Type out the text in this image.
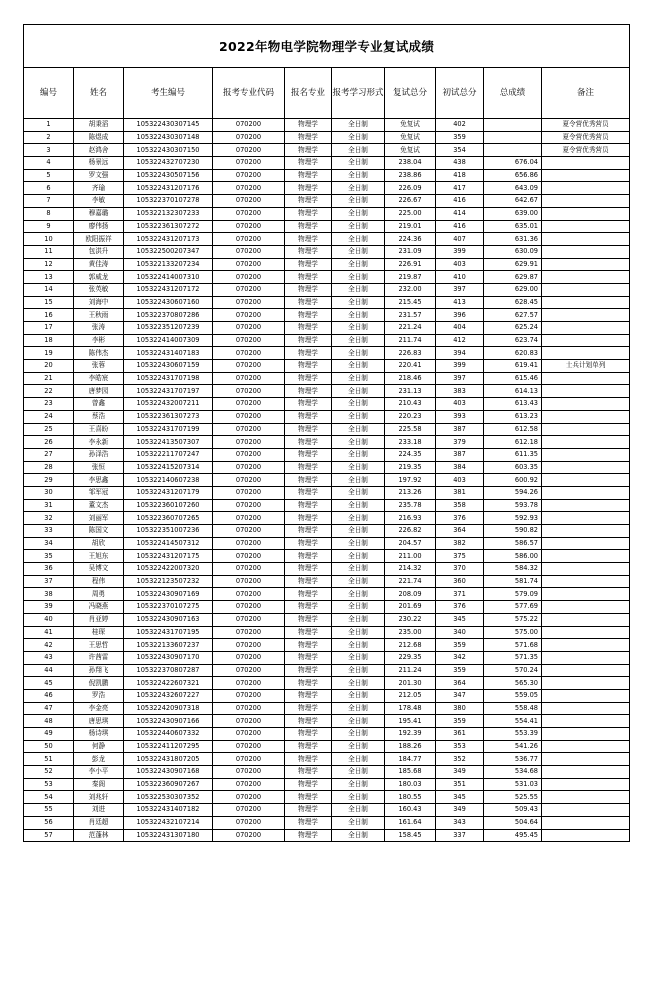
2022年物电学院物理学专业复试成绩									
编号	姓名	考生编号	报考专业代码	报名专业	报考学习形式	复试总分	初试总分	总成绩	备注
1	胡秉滔	105322430307145	070200	物理学	全日制	免复试	402		夏令营优秀营员
2	陈煜成	105322430307148	070200	物理学	全日制	免复试	359		夏令营优秀营员
3	赵鸿舍	105322430307150	070200	物理学	全日制	免复试	354		夏令营优秀营员
4	杨景远	105322432707230	070200	物理学	全日制	238.04	438	676.04	
5	罗文强	105322430507156	070200	物理学	全日制	238.86	418	656.86	
6	齐瑜	105322431207176	070200	物理学	全日制	226.09	417	643.09	
7	李敏	105322370107278	070200	物理学	全日制	226.67	416	642.67	
8	穆嘉璐	105322132307233	070200	物理学	全日制	225.00	414	639.00	
9	廖伟扬	105322361307272	070200	物理学	全日制	219.01	416	635.01	
10	欧阳振祥	105322431207173	070200	物理学	全日制	224.36	407	631.36	
11	包洪升	105322500207347	070200	物理学	全日制	231.09	399	630.09	
12	黄佳涛	105322133207234	070200	物理学	全日制	226.91	403	629.91	
13	郭威龙	105322414007310	070200	物理学	全日制	219.87	410	629.87	
14	张英敏	105322431207172	070200	物理学	全日制	232.00	397	629.00	
15	刘海中	105322430607160	070200	物理学	全日制	215.45	413	628.45	
16	王秋雨	105322370807286	070200	物理学	全日制	231.57	396	627.57	
17	张涛	105322351207239	070200	物理学	全日制	221.24	404	625.24	
18	李彬	105322414007309	070200	物理学	全日制	211.74	412	623.74	
19	陈伟杰	105322431407183	070200	物理学	全日制	226.83	394	620.83	
20	张蓉	105322430607159	070200	物理学	全日制	220.41	399	619.41	士兵计划单列
21	李皓宸	105322431707198	070200	物理学	全日制	218.46	397	615.46	
22	唐梦园	105322431707197	070200	物理学	全日制	231.13	383	614.13	
23	曾鑫	105322432007211	070200	物理学	全日制	210.43	403	613.43	
24	蔡浩	105322361307273	070200	物理学	全日制	220.23	393	613.23	
25	王喜盼	105322431707199	070200	物理学	全日制	225.58	387	612.58	
26	李永新	105322413507307	070200	物理学	全日制	233.18	379	612.18	
27	孙泽浩	105322211707247	070200	物理学	全日制	224.35	387	611.35	
28	张恒	105322415207314	070200	物理学	全日制	219.35	384	603.35	
29	李思鑫	105322140607238	070200	物理学	全日制	197.92	403	600.92	
30	邹军冠	105322431207179	070200	物理学	全日制	213.26	381	594.26	
31	董文杰	105322360107260	070200	物理学	全日制	235.78	358	593.78	
32	刘丽军	105322360707265	070200	物理学	全日制	216.93	376	592.93	
33	陈国文	105322351007236	070200	物理学	全日制	226.82	364	590.82	
34	胡欣	105322414507312	070200	物理学	全日制	204.57	382	586.57	
35	王旭东	105322431207175	070200	物理学	全日制	211.00	375	586.00	
36	吴博文	105322422007320	070200	物理学	全日制	214.32	370	584.32	
37	程伟	105322123507232	070200	物理学	全日制	221.74	360	581.74	
38	周勇	105322430907169	070200	物理学	全日制	208.09	371	579.09	
39	冯晓燕	105322370107275	070200	物理学	全日制	201.69	376	577.69	
40	肖亚婷	105322430907163	070200	物理学	全日制	230.22	345	575.22	
41	桂琛	105322431707195	070200	物理学	全日制	235.00	340	575.00	
42	王思哲	105322133607237	070200	物理学	全日制	212.68	359	571.68	
43	许茜雷	105322430907170	070200	物理学	全日制	229.35	342	571.35	
44	孙翔飞	105322370807287	070200	物理学	全日制	211.24	359	570.24	
45	倪凯鹏	105322422607321	070200	物理学	全日制	201.30	364	565.30	
46	罗浩	105322432607227	070200	物理学	全日制	212.05	347	559.05	
47	李金亮	105322420907318	070200	物理学	全日制	178.48	380	558.48	
48	唐思琪	105322430907166	070200	物理学	全日制	195.41	359	554.41	
49	杨诗琪	105322440607332	070200	物理学	全日制	192.39	361	553.39	
50	何静	105322411207295	070200	物理学	全日制	188.26	353	541.26	
51	彭龙	105322431807205	070200	物理学	全日制	184.77	352	536.77	
52	李小平	105322430907168	070200	物理学	全日制	185.68	349	534.68	
53	秦阁	105322360907267	070200	物理学	全日制	180.03	351	531.03	
54	刘兆轩	105322530307352	070200	物理学	全日制	180.55	345	525.55	
55	刘进	105322431407182	070200	物理学	全日制	160.43	349	509.43	
56	肖廷超	105322432107214	070200	物理学	全日制	161.64	343	504.64	
57	范蓬林	105322431307180	070200	物理学	全日制	158.45	337	495.45	
